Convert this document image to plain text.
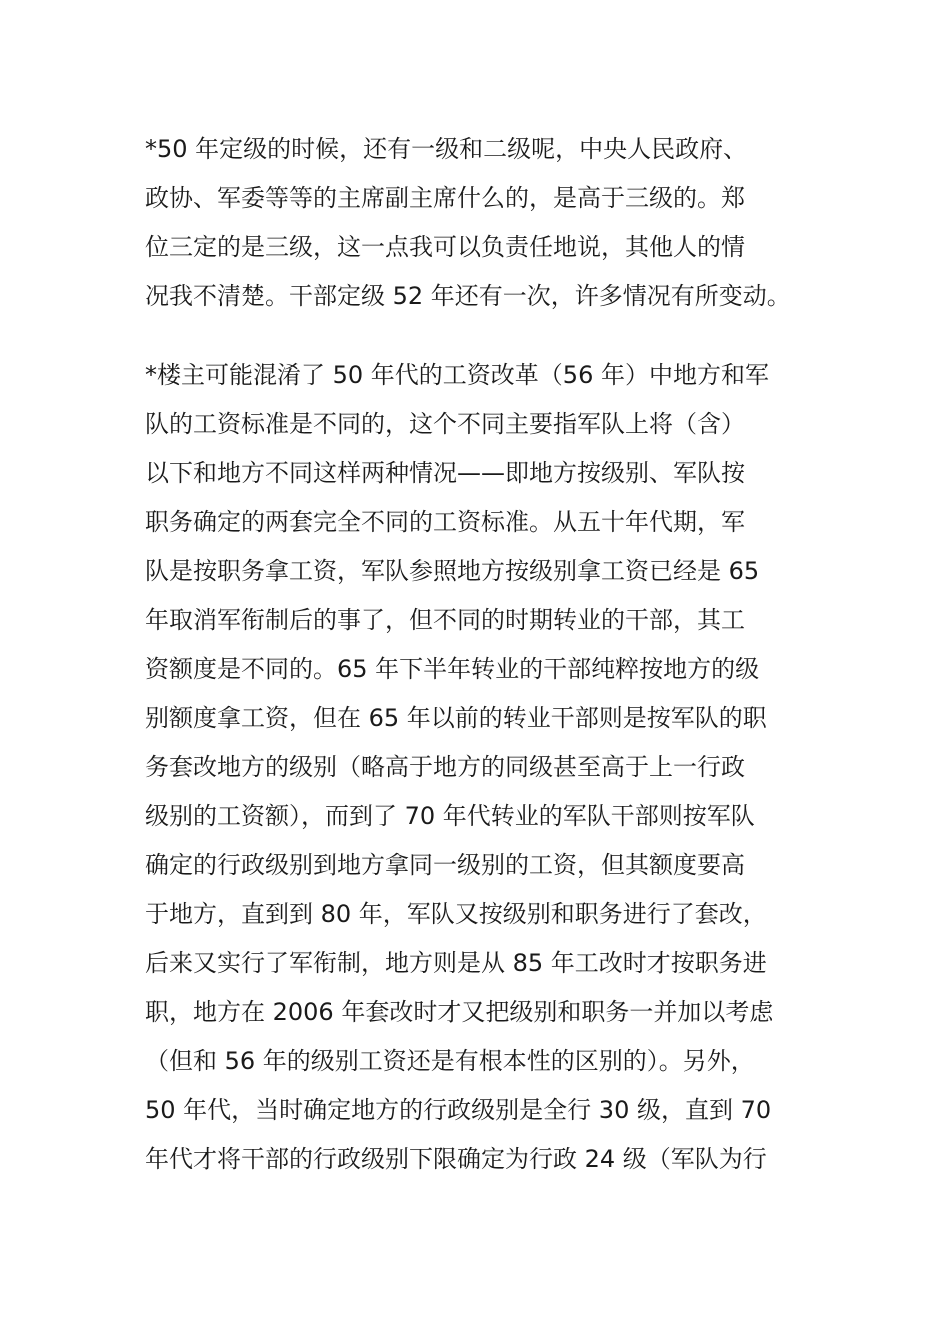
*50 年定级的时候，还有一级和二级呢，中央人民政府、
政协、军委等等的主席副主席什么的，是高于三级的。郑
位三定的是三级，这一点我可以负责任地说，其他人的情
况我不清楚。干部定级 52 年还有一次，许多情况有所变动。
*楼主可能混淆了 50 年代的工资改革（56 年）中地方和军
队的工资标准是不同的，这个不同主要指军队上将（含）
以下和地方不同这样两种情况——即地方按级别、军队按
职务确定的两套完全不同的工资标准。从五十年代期，军
队是按职务拿工资，军队参照地方按级别拿工资已经是 65
年取消军衔制后的事了，但不同的时期转业的干部，其工
资额度是不同的。65 年下半年转业的干部纯粹按地方的级
别额度拿工资，但在 65 年以前的转业干部则是按军队的职
务套改地方的级别（略高于地方的同级甚至高于上一行政
级别的工资额），而到了 70 年代转业的军队干部则按军队
确定的行政级别到地方拿同一级别的工资，但其额度要高
于地方，直到到 80 年，军队又按级别和职务进行了套改，
后来又实行了军衔制，地方则是从 85 年工改时才按职务进
职，地方在 2006 年套改时才又把级别和职务一并加以考虑
（但和 56 年的级别工资还是有根本性的区别的）。另外，
50 年代，当时确定地方的行政级别是全行 30 级，直到 70
年代才将干部的行政级别下限确定为行政 24 级（军队为行
